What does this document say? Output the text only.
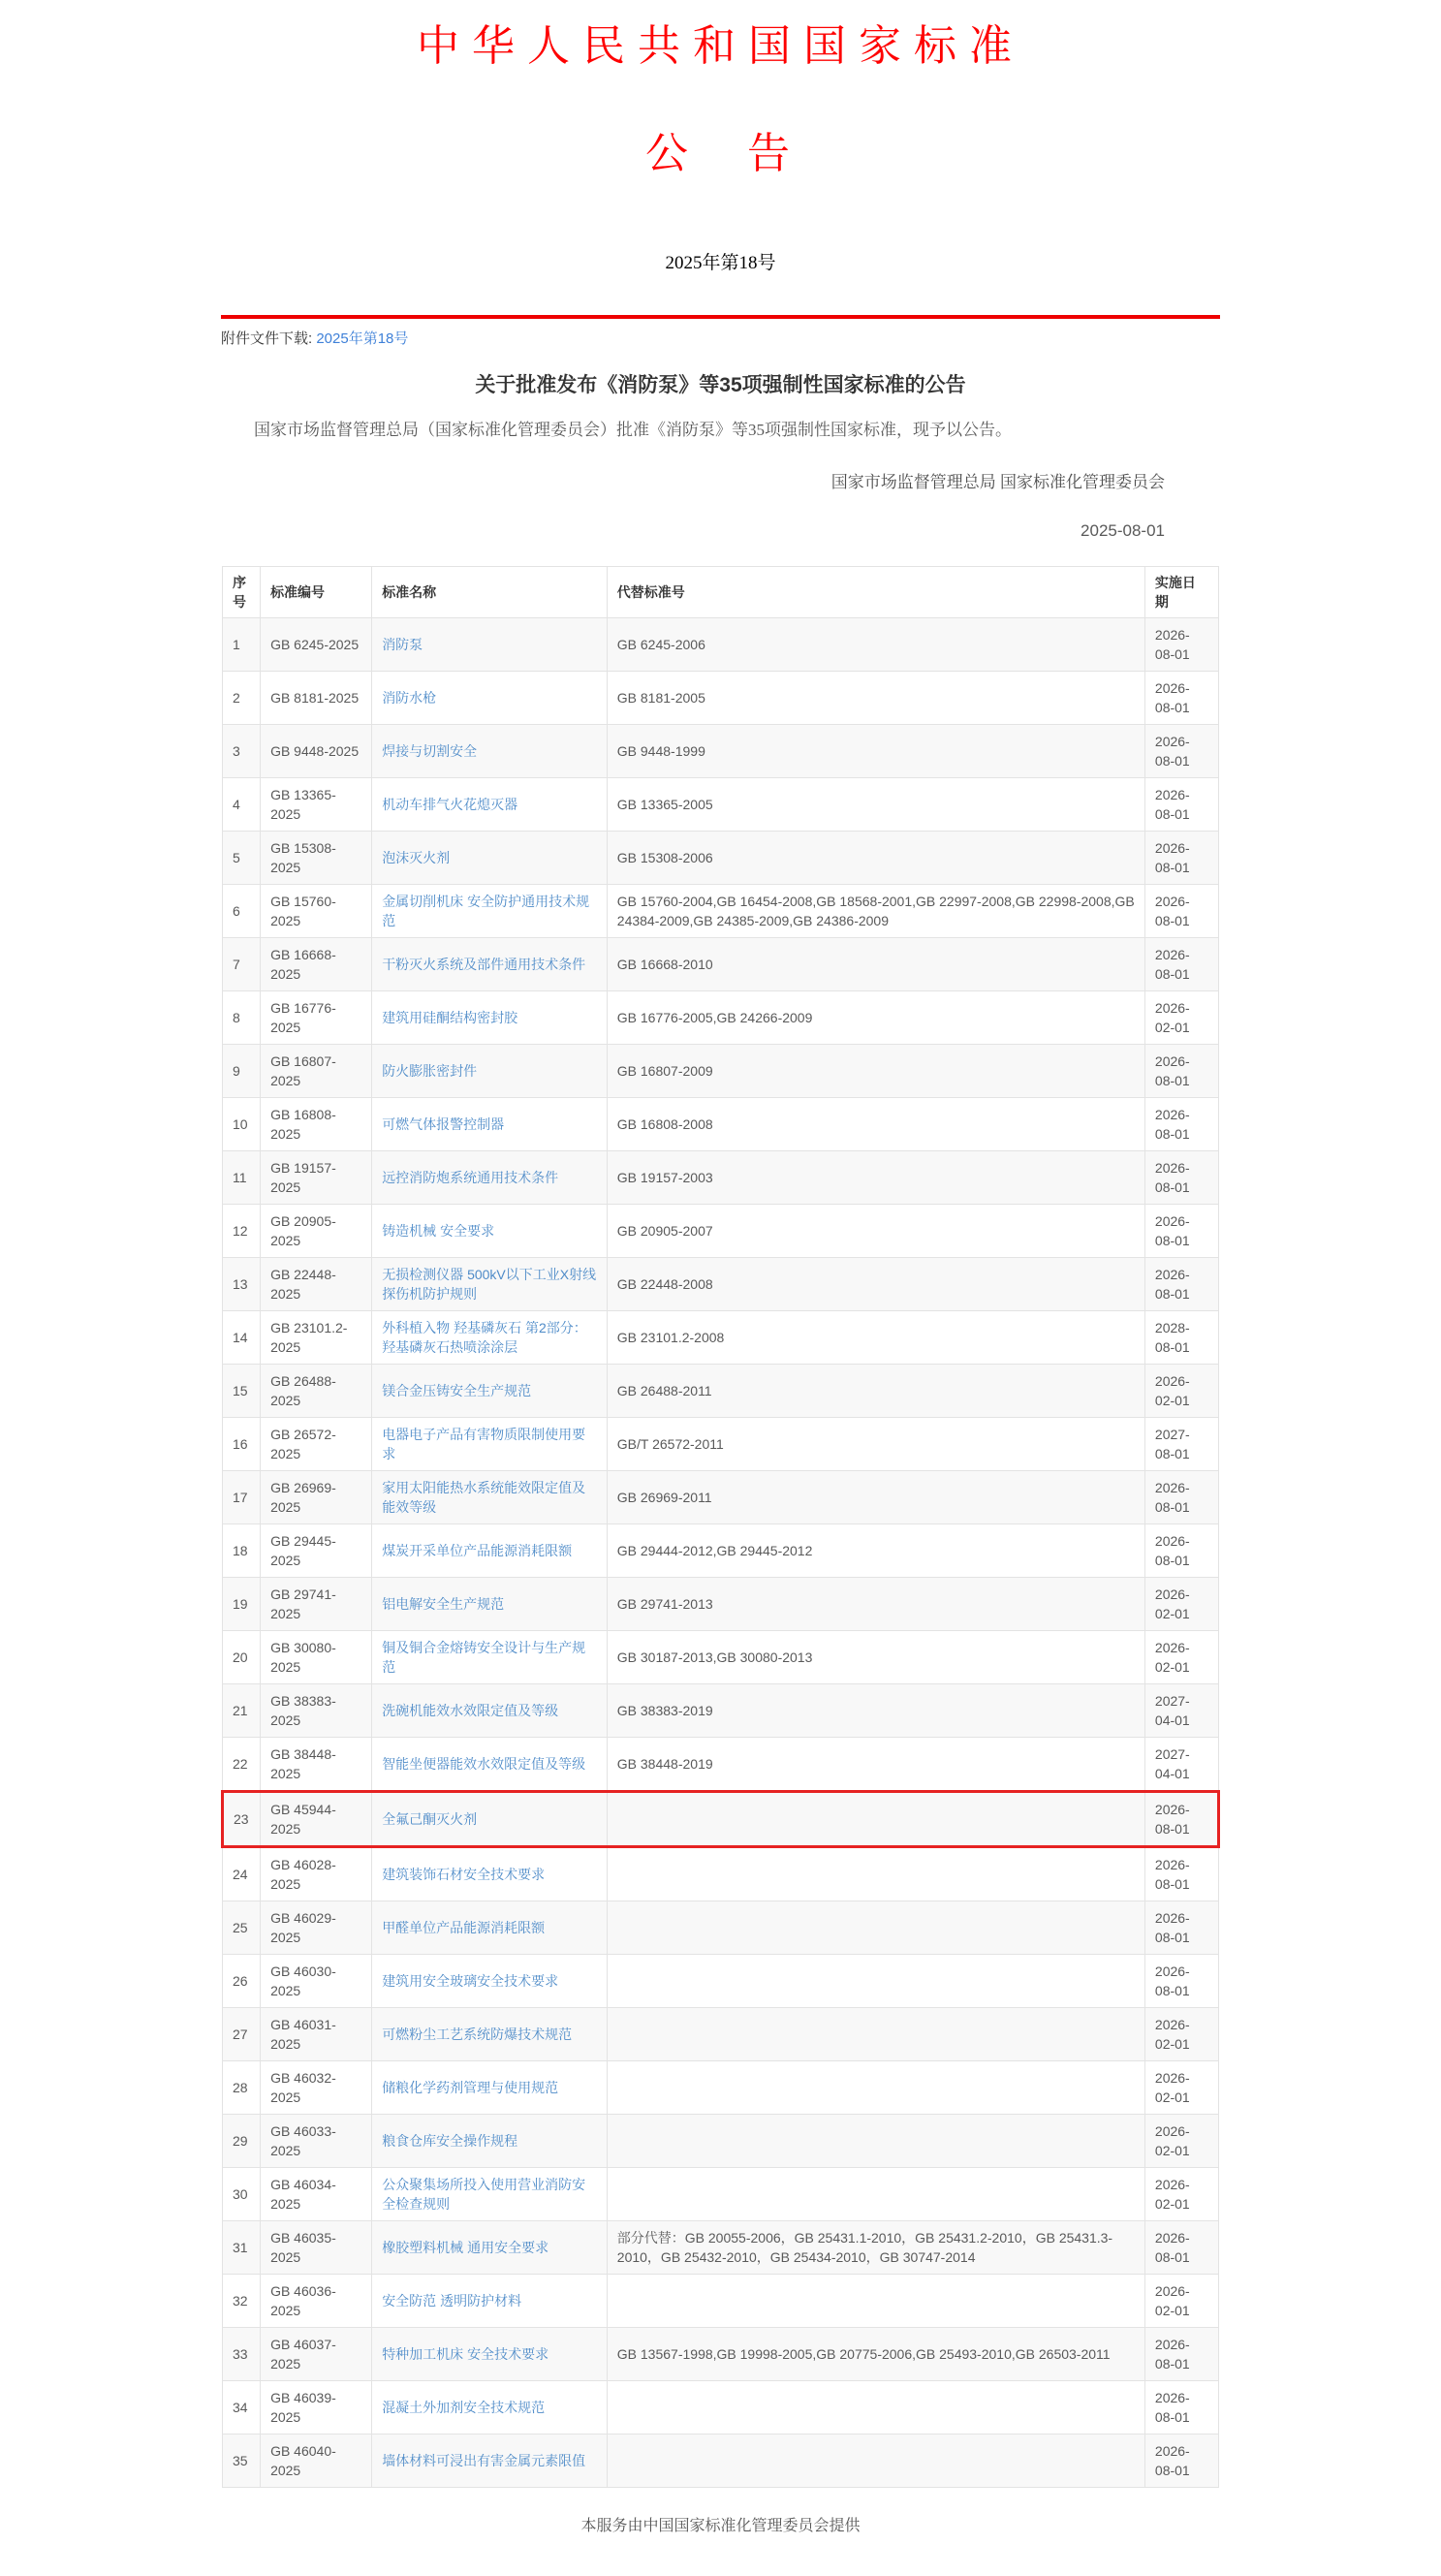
中华人民共和国国家标准
公 告
2025年第18号
附件文件下载: 2025年第18号
关于批准发布《消防泵》等35项强制性国家标准的公告

国家市场监督管理总局（国家标准化管理委员会）批准《消防泵》等35项强制性国家标准，现予以公告。

国家市场监督管理总局 国家标准化管理委员会
2025-08-01
序号	标准编号	标准名称	代替标准号	实施日期
1	GB 6245-2025	消防泵	GB 6245-2006	2026-08-01
2	GB 8181-2025	消防水枪	GB 8181-2005	2026-08-01
3	GB 9448-2025	焊接与切割安全	GB 9448-1999	2026-08-01
4	GB 13365-2025	机动车排气火花熄灭器	GB 13365-2005	2026-08-01
5	GB 15308-2025	泡沫灭火剂	GB 15308-2006	2026-08-01
6	GB 15760-2025	金属切削机床 安全防护通用技术规范	GB 15760-2004,GB 16454-2008,GB 18568-2001,GB 22997-2008,GB 22998-2008,GB 24384-2009,GB 24385-2009,GB 24386-2009	2026-08-01
7	GB 16668-2025	干粉灭火系统及部件通用技术条件	GB 16668-2010	2026-08-01
8	GB 16776-2025	建筑用硅酮结构密封胶	GB 16776-2005,GB 24266-2009	2026-02-01
9	GB 16807-2025	防火膨胀密封件	GB 16807-2009	2026-08-01
10	GB 16808-2025	可燃气体报警控制器	GB 16808-2008	2026-08-01
11	GB 19157-2025	远控消防炮系统通用技术条件	GB 19157-2003	2026-08-01
12	GB 20905-2025	铸造机械 安全要求	GB 20905-2007	2026-08-01
13	GB 22448-2025	无损检测仪器 500kV以下工业X射线探伤机防护规则	GB 22448-2008	2026-08-01
14	GB 23101.2-2025	外科植入物 羟基磷灰石 第2部分：羟基磷灰石热喷涂涂层	GB 23101.2-2008	2028-08-01
15	GB 26488-2025	镁合金压铸安全生产规范	GB 26488-2011	2026-02-01
16	GB 26572-2025	电器电子产品有害物质限制使用要求	GB/T 26572-2011	2027-08-01
17	GB 26969-2025	家用太阳能热水系统能效限定值及能效等级	GB 26969-2011	2026-08-01
18	GB 29445-2025	煤炭开采单位产品能源消耗限额	GB 29444-2012,GB 29445-2012	2026-08-01
19	GB 29741-2025	铝电解安全生产规范	GB 29741-2013	2026-02-01
20	GB 30080-2025	铜及铜合金熔铸安全设计与生产规范	GB 30187-2013,GB 30080-2013	2026-02-01
21	GB 38383-2025	洗碗机能效水效限定值及等级	GB 38383-2019	2027-04-01
22	GB 38448-2025	智能坐便器能效水效限定值及等级	GB 38448-2019	2027-04-01
23	GB 45944-2025	全氟己酮灭火剂		2026-08-01
24	GB 46028-2025	建筑装饰石材安全技术要求		2026-08-01
25	GB 46029-2025	甲醛单位产品能源消耗限额		2026-08-01
26	GB 46030-2025	建筑用安全玻璃安全技术要求		2026-08-01
27	GB 46031-2025	可燃粉尘工艺系统防爆技术规范		2026-02-01
28	GB 46032-2025	储粮化学药剂管理与使用规范		2026-02-01
29	GB 46033-2025	粮食仓库安全操作规程		2026-02-01
30	GB 46034-2025	公众聚集场所投入使用营业消防安全检查规则		2026-02-01
31	GB 46035-2025	橡胶塑料机械 通用安全要求	部分代替：GB 20055-2006，GB 25431.1-2010，GB 25431.2-2010，GB 25431.3-2010，GB 25432-2010，GB 25434-2010，GB 30747-2014	2026-08-01
32	GB 46036-2025	安全防范 透明防护材料		2026-02-01
33	GB 46037-2025	特种加工机床 安全技术要求	GB 13567-1998,GB 19998-2005,GB 20775-2006,GB 25493-2010,GB 26503-2011	2026-08-01
34	GB 46039-2025	混凝土外加剂安全技术规范		2026-08-01
35	GB 46040-2025	墙体材料可浸出有害金属元素限值		2026-08-01
本服务由中国国家标准化管理委员会提供
